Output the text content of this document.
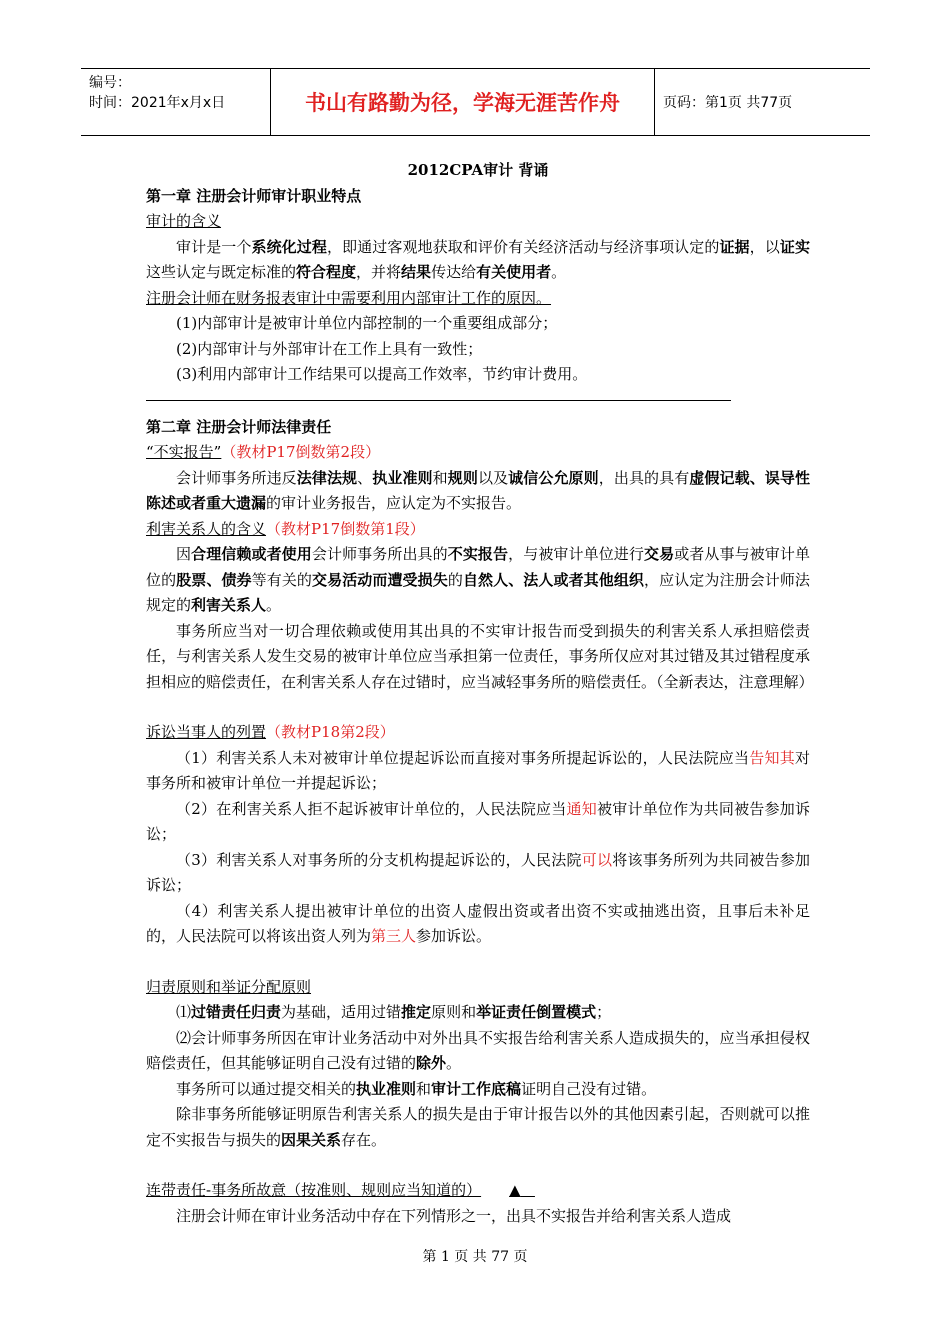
编号：
时间：2021年x月x日	书山有路勤为径，学海无涯苦作舟	页码：第1页 共77页
2012CPA审计 背诵
第一章 注册会计师审计职业特点
审计的含义
审计是一个系统化过程，即通过客观地获取和评价有关经济活动与经济事项认定的证据，以证实这些认定与既定标准的符合程度，并将结果传达给有关使用者。
注册会计师在财务报表审计中需要利用内部审计工作的原因。
(1)内部审计是被审计单位内部控制的一个重要组成部分；
(2)内部审计与外部审计在工作上具有一致性；
(3)利用内部审计工作结果可以提高工作效率，节约审计费用。
第二章 注册会计师法律责任
“不实报告”（教材P17倒数第2段）
会计师事务所违反法律法规、执业准则和规则以及诚信公允原则，出具的具有虚假记载、误导性陈述或者重大遗漏的审计业务报告，应认定为不实报告。
利害关系人的含义（教材P17倒数第1段）
因合理信赖或者使用会计师事务所出具的不实报告，与被审计单位进行交易或者从事与被审计单位的股票、债券等有关的交易活动而遭受损失的自然人、法人或者其他组织，应认定为注册会计师法规定的利害关系人。
事务所应当对一切合理依赖或使用其出具的不实审计报告而受到损失的利害关系人承担赔偿责任，与利害关系人发生交易的被审计单位应当承担第一位责任，事务所仅应对其过错及其过错程度承担相应的赔偿责任，在利害关系人存在过错时，应当减轻事务所的赔偿责任。（全新表达，注意理解）
诉讼当事人的列置（教材P18第2段）
（1）利害关系人未对被审计单位提起诉讼而直接对事务所提起诉讼的，人民法院应当告知其对事务所和被审计单位一并提起诉讼；
（2）在利害关系人拒不起诉被审计单位的，人民法院应当通知被审计单位作为共同被告参加诉讼；
（3）利害关系人对事务所的分支机构提起诉讼的，人民法院可以将该事务所列为共同被告参加诉讼；
（4）利害关系人提出被审计单位的出资人虚假出资或者出资不实或抽逃出资，且事后未补足的，人民法院可以将该出资人列为第三人参加诉讼。
归责原则和举证分配原则
⑴过错责任归责为基础，适用过错推定原则和举证责任倒置模式；
⑵会计师事务所因在审计业务活动中对外出具不实报告给利害关系人造成损失的，应当承担侵权赔偿责任，但其能够证明自己没有过错的除外。
事务所可以通过提交相关的执业准则和审计工作底稿证明自己没有过错。
除非事务所能够证明原告利害关系人的损失是由于审计报告以外的其他因素引起，否则就可以推定不实报告与损失的因果关系存在。
连带责任-事务所故意（按准则、规则应当知道的） ▲
注册会计师在审计业务活动中存在下列情形之一，出具不实报告并给利害关系人造成
第 1 页 共 77 页
